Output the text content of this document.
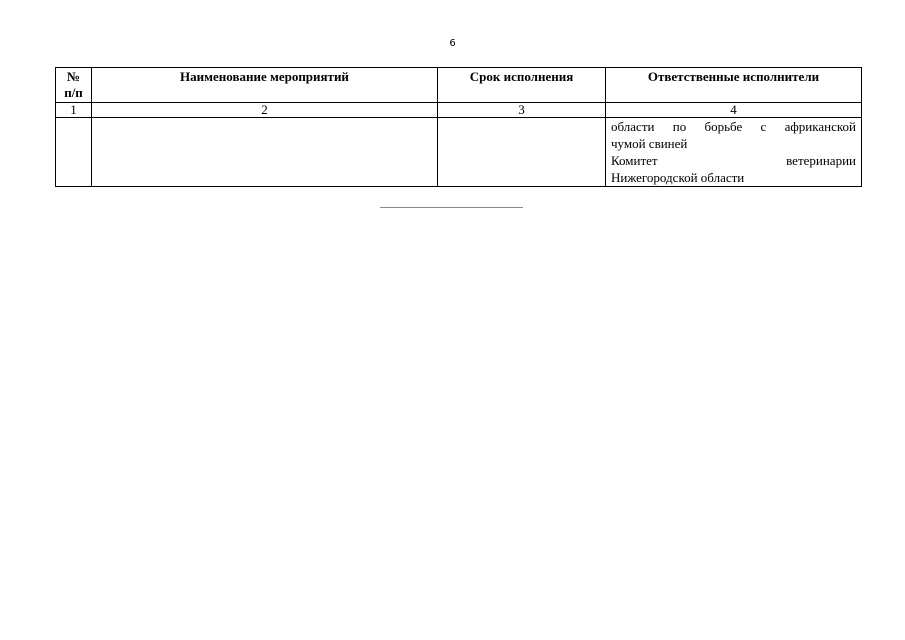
6
№ п/п	Наименование мероприятий	Срок исполнения	Ответственные исполнители
1	2	3	4

			области по борьбе с африканской
чумой свиней
Комитет ветеринарии
Нижегородской области
